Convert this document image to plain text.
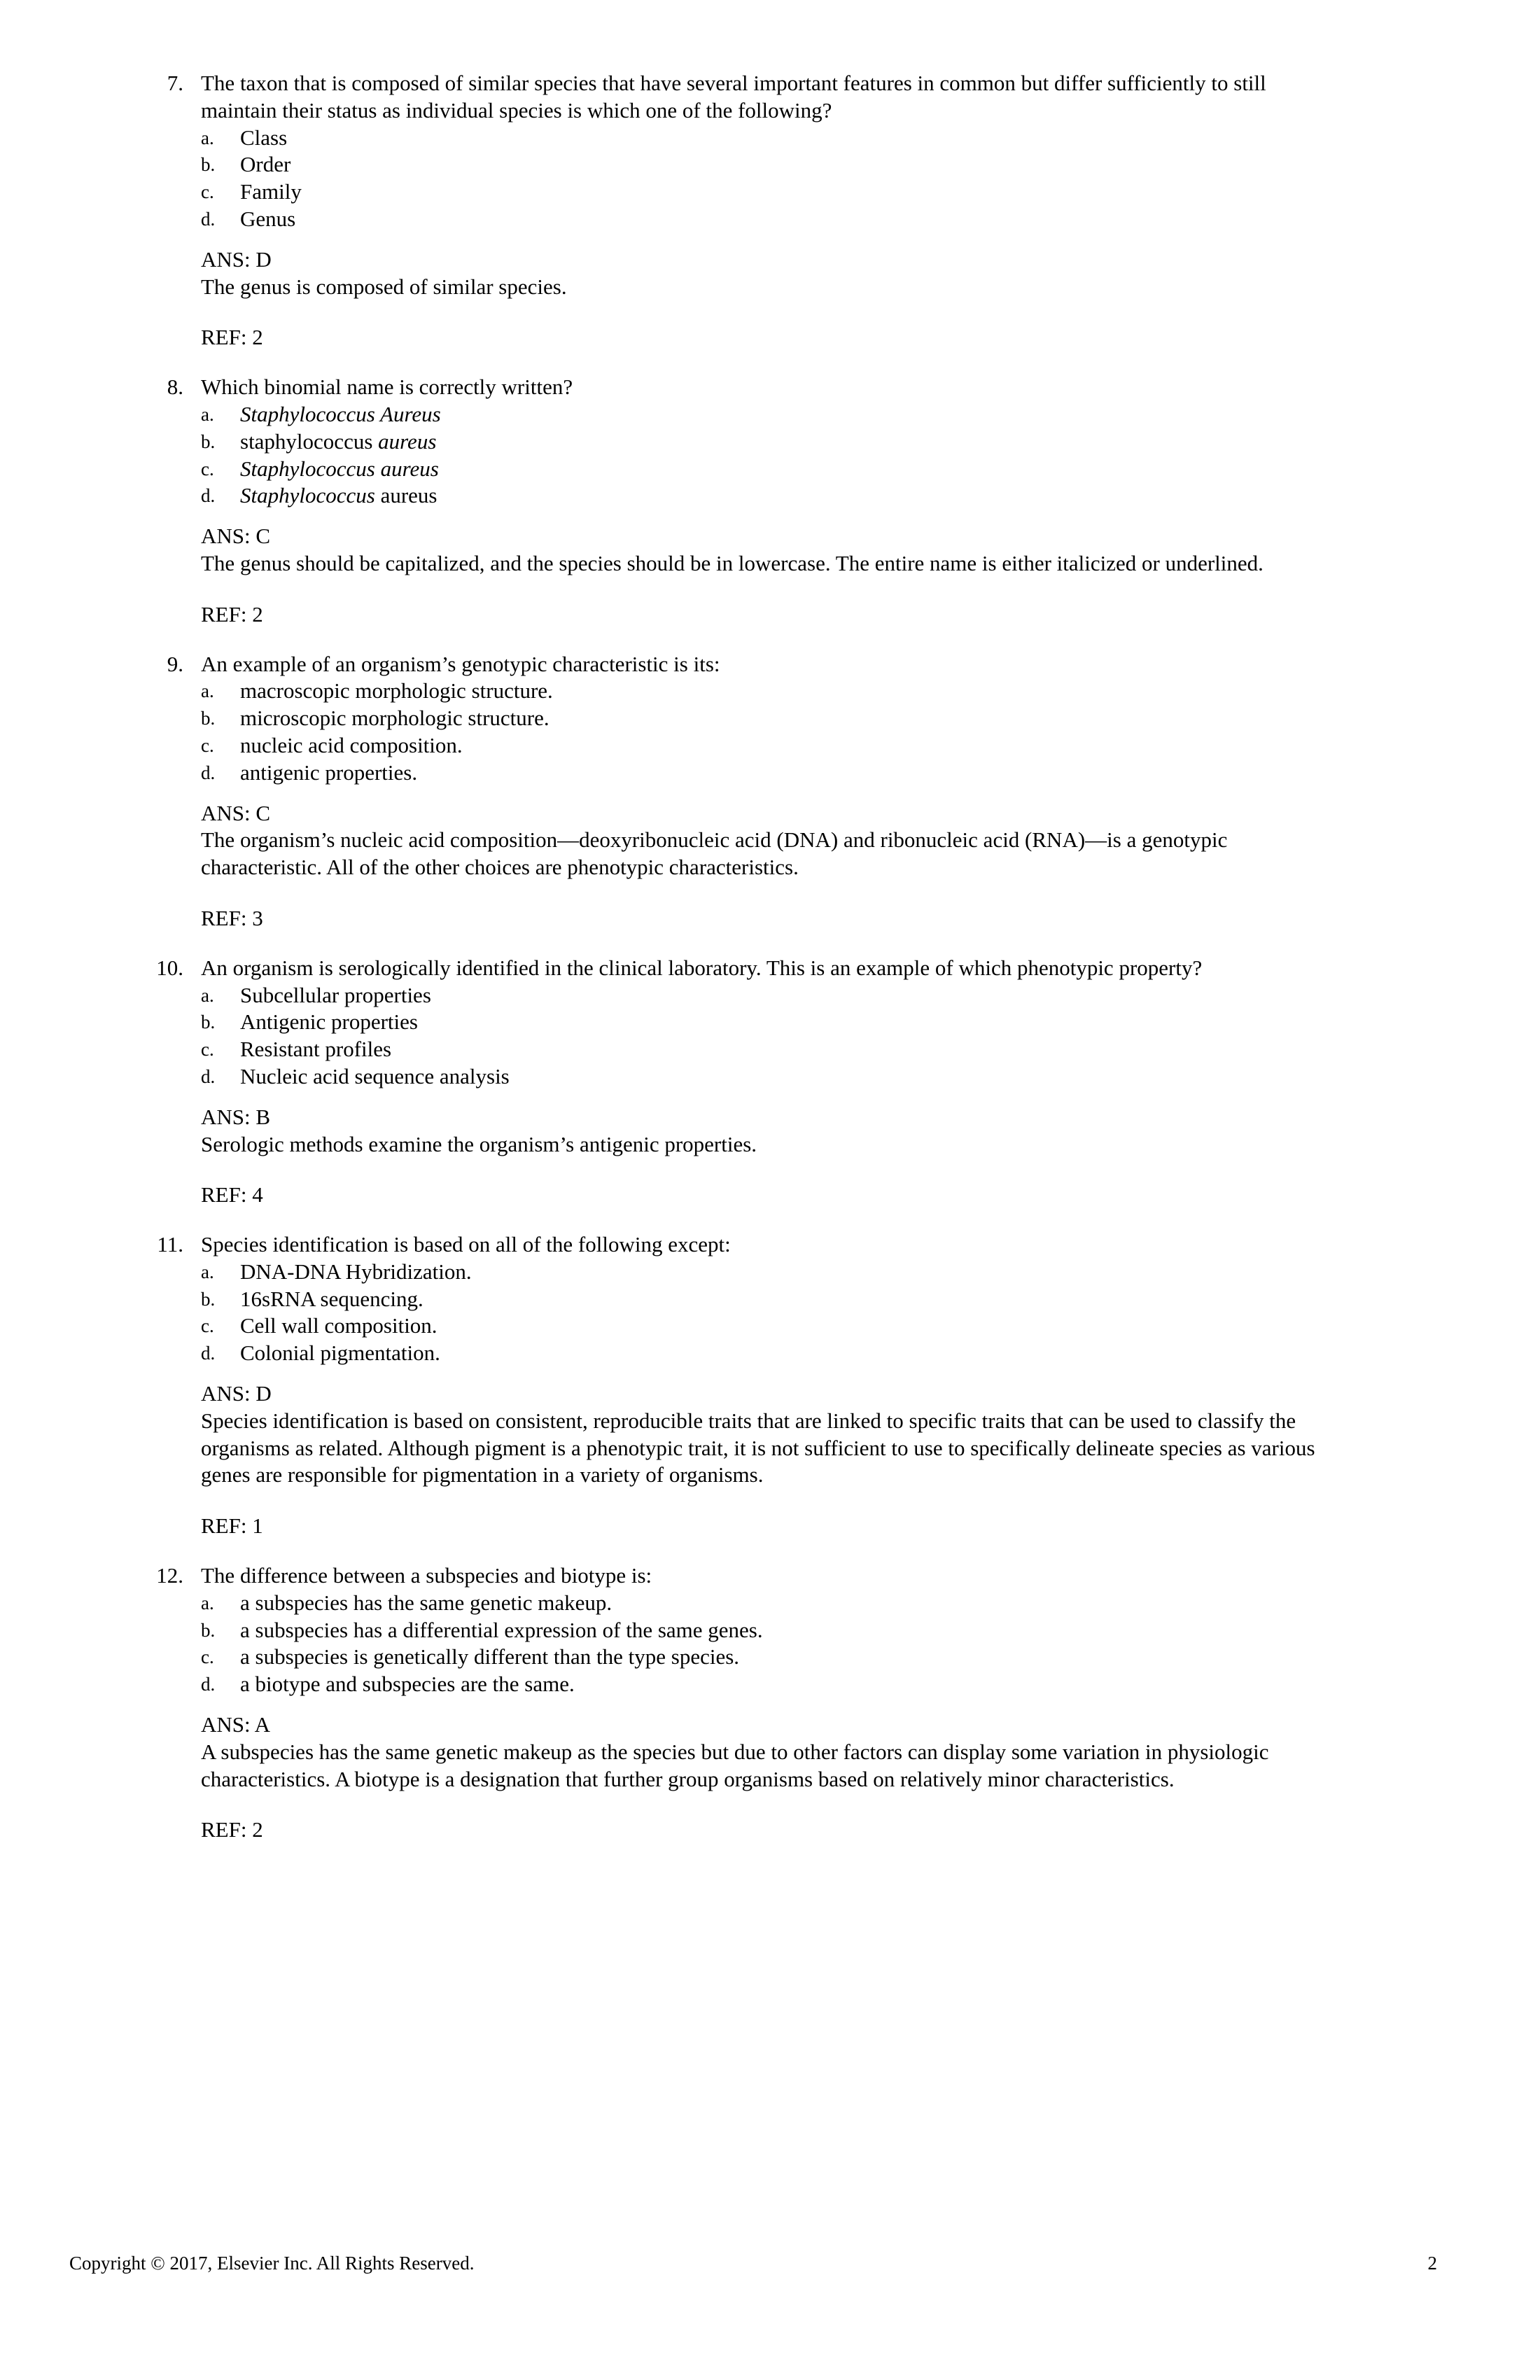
7. The taxon that is composed of similar species that have several important features in common but differ sufficiently to still
maintain their status as individual species is which one of the following?
a. Class
b. Order
c. Family
d. Genus
ANS: D
The genus is composed of similar species.
REF: 2
8. Which binomial name is correctly written?
a. Staphylococcus Aureus
b. staphylococcus aureus
c. Staphylococcus aureus
d. Staphylococcus aureus
ANS: C
The genus should be capitalized, and the species should be in lowercase. The entire name is either italicized or underlined.
REF: 2
9. An example of an organism’s genotypic characteristic is its:
a. macroscopic morphologic structure.
b. microscopic morphologic structure.
c. nucleic acid composition.
d. antigenic properties.
ANS: C
The organism’s nucleic acid composition—deoxyribonucleic acid (DNA) and ribonucleic acid (RNA)—is a genotypic
characteristic. All of the other choices are phenotypic characteristics.
REF: 3
10. An organism is serologically identified in the clinical laboratory. This is an example of which phenotypic property?
a. Subcellular properties
b. Antigenic properties
c. Resistant profiles
d. Nucleic acid sequence analysis
ANS: B
Serologic methods examine the organism’s antigenic properties.
REF: 4
11. Species identification is based on all of the following except:
a. DNA-DNA Hybridization.
b. 16sRNA sequencing.
c. Cell wall composition.
d. Colonial pigmentation.
ANS: D
Species identification is based on consistent, reproducible traits that are linked to specific traits that can be used to classify the
organisms as related. Although pigment is a phenotypic trait, it is not sufficient to use to specifically delineate species as various
genes are responsible for pigmentation in a variety of organisms.
REF: 1
12. The difference between a subspecies and biotype is:
a. a subspecies has the same genetic makeup.
b. a subspecies has a differential expression of the same genes.
c. a subspecies is genetically different than the type species.
d. a biotype and subspecies are the same.
ANS: A
A subspecies has the same genetic makeup as the species but due to other factors can display some variation in physiologic
characteristics. A biotype is a designation that further group organisms based on relatively minor characteristics.
REF: 2
Copyright © 2017, Elsevier Inc. All Rights Reserved.	2
